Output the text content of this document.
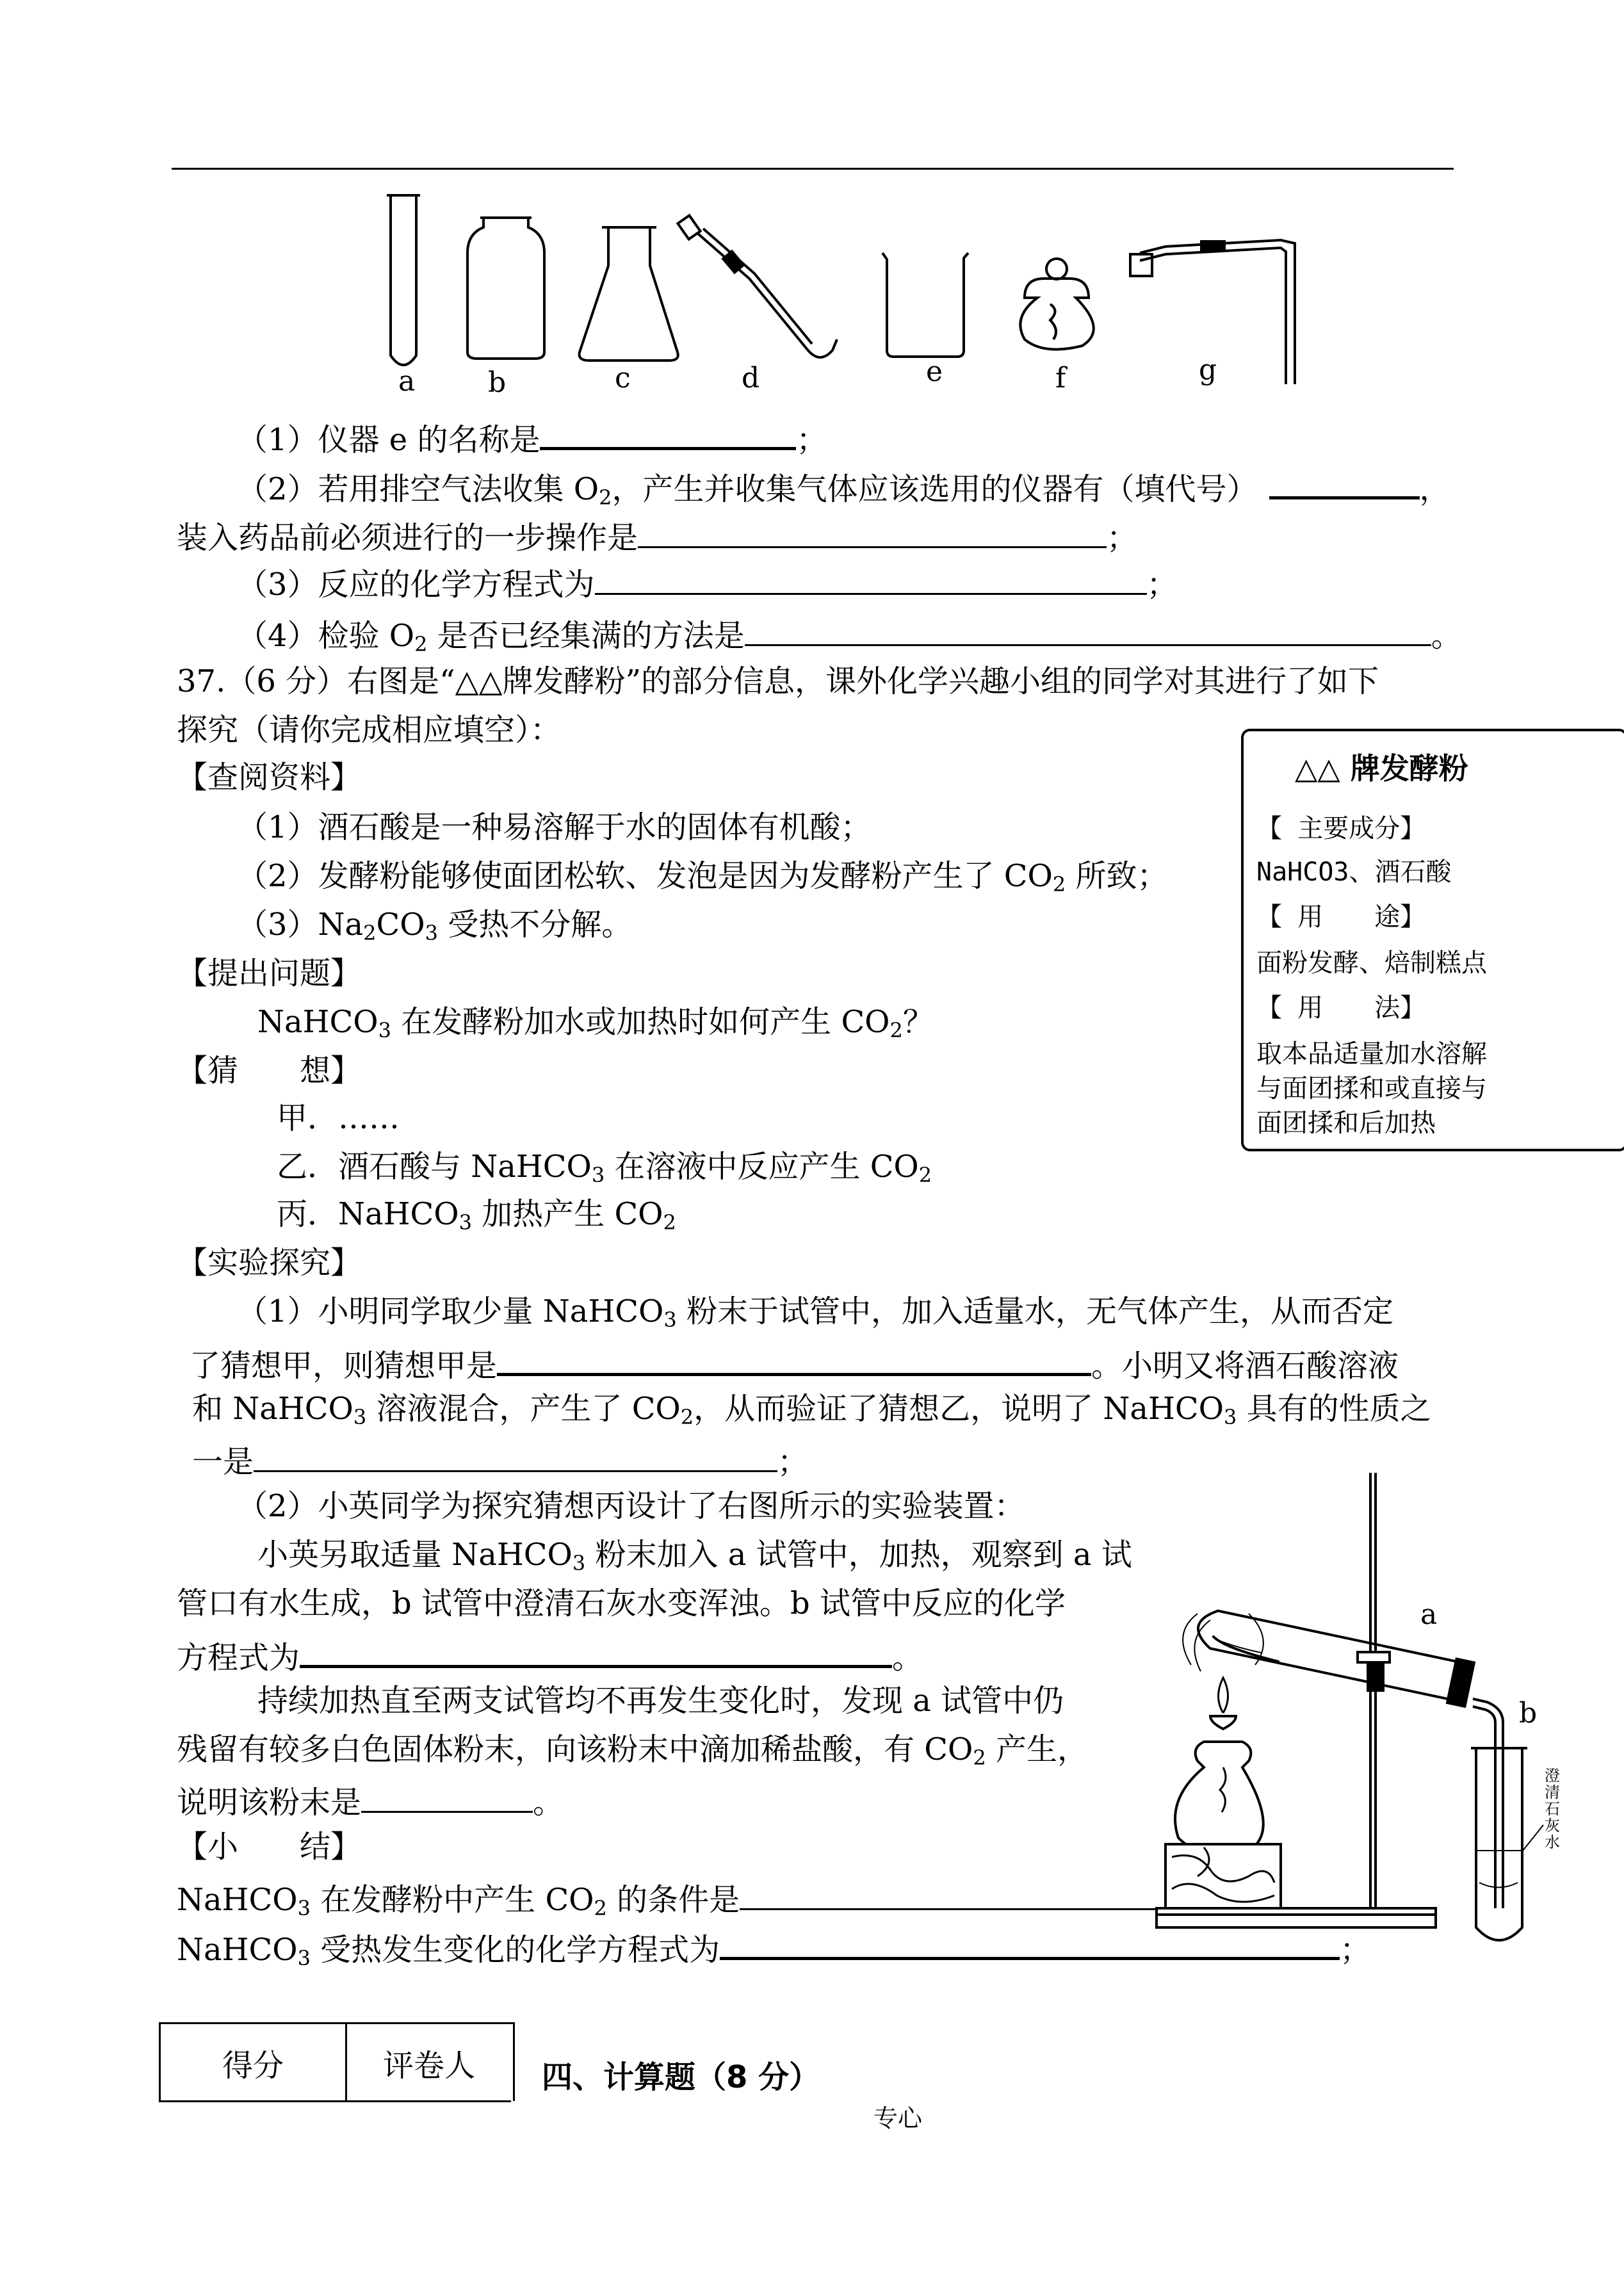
a	b	c	d	e	f	g
（1）仪器 e 的名称是	；
（2）若用排空气法收集 $O_2$，产生并收集气体应该选用的仪器有（填代号）	，
装入药品前必须进行的一步操作是	；
（3）反应的化学方程式为	；
（4）检验 $O_2$ 是否已经集满的方法是	。
37.（6 分）右图是“△△牌发酵粉”的部分信息，课外化学兴趣小组的同学对其进行了如下
探究（请你完成相应填空）：
【查阅资料】
（1）酒石酸是一种易溶解于水的固体有机酸；
（2）发酵粉能够使面团松软、发泡是因为发酵粉产生了 $CO_2$ 所致；
$(3)Na_2CO_3$ 受热不分解。
【提出问题】
NaHCO$_3$ 在发酵粉加水或加热时如何产生 $CO_2$？
【猜　　想】
甲．……
乙．酒石酸与 NaHCO$_3$ 在溶液中反应产生 $CO_2$
丙．NaHCO$_3$ 加热产生 $CO_2$
【实验探究】
（1）小明同学取少量 NaHCO$_3$ 粉末于试管中，加入适量水，无气体产生，从而否定
了猜想甲，则猜想甲是	。小明又将酒石酸溶液
和 NaHCO$_3$ 溶液混合，产生了 $CO_2$，从而验证了猜想乙，说明了 NaHCO$_3$ 具有的性质之
一是	；
（2）小英同学为探究猜想丙设计了右图所示的实验装置：
小英另取适量 NaHCO$_3$ 粉末加入 a 试管中，加热，观察到 a 试
管口有水生成，b 试管中澄清石灰水变浑浊。b 试管中反应的化学
方程式为	。
持续加热直至两支试管均不再发生变化时，发现 a 试管中仍
残留有较多白色固体粉末，向该粉末中滴加稀盐酸，有 $CO_2$ 产生，
说明该粉末是	。
【小　　结】
NaHCO$_3$ 在发酵粉中产生 $CO_2$ 的条件是
NaHCO$_3$ 受热发生变化的化学方程式为	；
△△ 牌发酵粉
【 主要成分】
NaHCO3、酒石酸
【 用　　途】
面粉发酵、焙制糕点
【 用　　法】
取本品适量加水溶解
与面团揉和或直接与
面团揉和后加热
a
b
澄清石灰水
得分	评卷人	四、计算题（8 分）
专心
